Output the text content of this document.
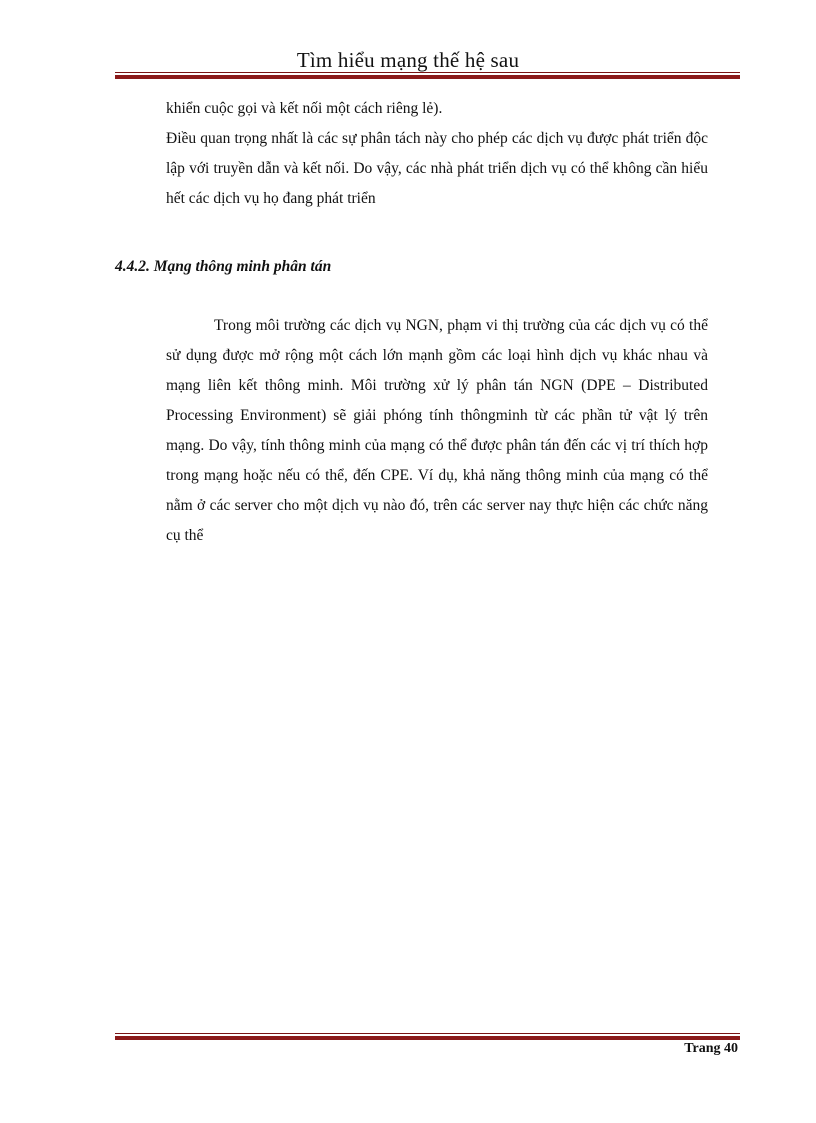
Tìm hiểu mạng thế hệ sau

khiển cuộc gọi và kết nối một cách riêng lẻ).

Điều quan trọng nhất là các sự phân tách này cho phép các dịch vụ được phát triển độc lập với truyền dẫn và kết nối. Do vậy, các nhà phát triển dịch vụ có thể không cần hiểu hết các dịch vụ họ đang phát triển

4.4.2. Mạng thông minh phân tán

Trong môi trường các dịch vụ NGN, phạm vi thị trường của các dịch vụ có thể sử dụng được mở rộng một cách lớn mạnh gồm các loại hình dịch vụ khác nhau và mạng liên kết thông minh. Môi trường xử lý phân tán NGN (DPE – Distributed Processing Environment) sẽ giải phóng tính thôngminh từ các phần tử vật lý trên mạng. Do vậy, tính thông minh của mạng có thể được phân tán đến các vị trí thích hợp trong mạng hoặc nếu có thể, đến CPE. Ví dụ, khả năng thông minh của mạng có thể nằm ở các server cho một dịch vụ nào đó, trên các server nay thực hiện các chức năng cụ thể

Trang 40
